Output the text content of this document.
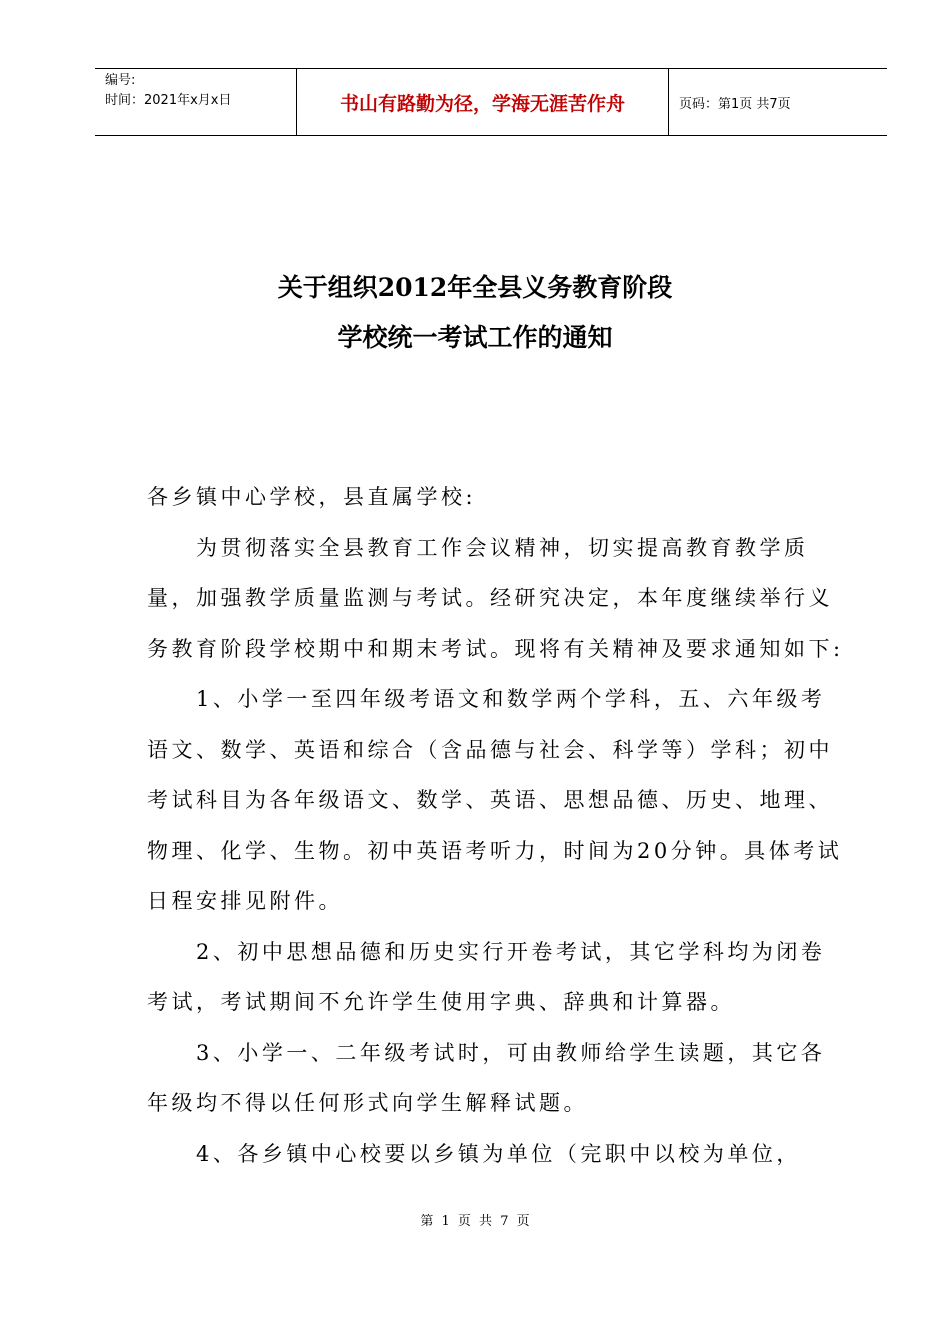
编号:
时间：2021年x月x日	书山有路勤为径，学海无涯苦作舟	页码：第1页 共7页
关于组织2012年全县义务教育阶段
学校统一考试工作的通知

各乡镇中心学校，县直属学校:

为贯彻落实全县教育工作会议精神，切实提高教育教学质量，加强教学质量监测与考试。经研究决定，本年度继续举行义务教育阶段学校期中和期末考试。现将有关精神及要求通知如下:

1、小学一至四年级考语文和数学两个学科，五、六年级考语文、数学、英语和综合（含品德与社会、科学等）学科；初中考试科目为各年级语文、数学、英语、思想品德、历史、地理、物理、化学、生物。初中英语考听力，时间为20分钟。具体考试日程安排见附件。

2、初中思想品德和历史实行开卷考试，其它学科均为闭卷考试，考试期间不允许学生使用字典、辞典和计算器。

3、小学一、二年级考试时，可由教师给学生读题，其它各年级均不得以任何形式向学生解释试题。

4、各乡镇中心校要以乡镇为单位（完职中以校为单位，

第 1 页 共 7 页
